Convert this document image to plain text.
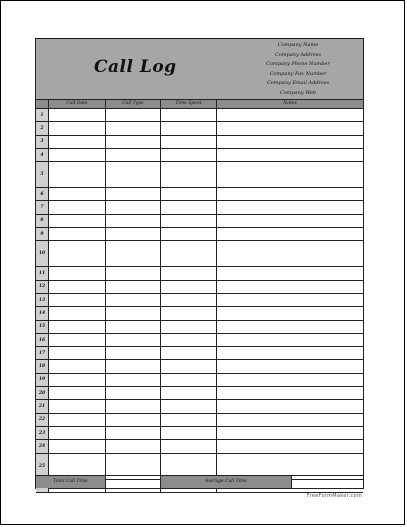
Call Log
Company Name
Company Address
Company Phone Number
Company Fax Number
Company Email Address
Company Web
Call Date	Call Type	Time Spent	Notes
1
2
3
4
5
6
7
8
9
10
11
12
13
14
15
16
17
18
19
20
21
22
23
24
25
Total Call Time	Average Call Time
FreeFormMaker.com
